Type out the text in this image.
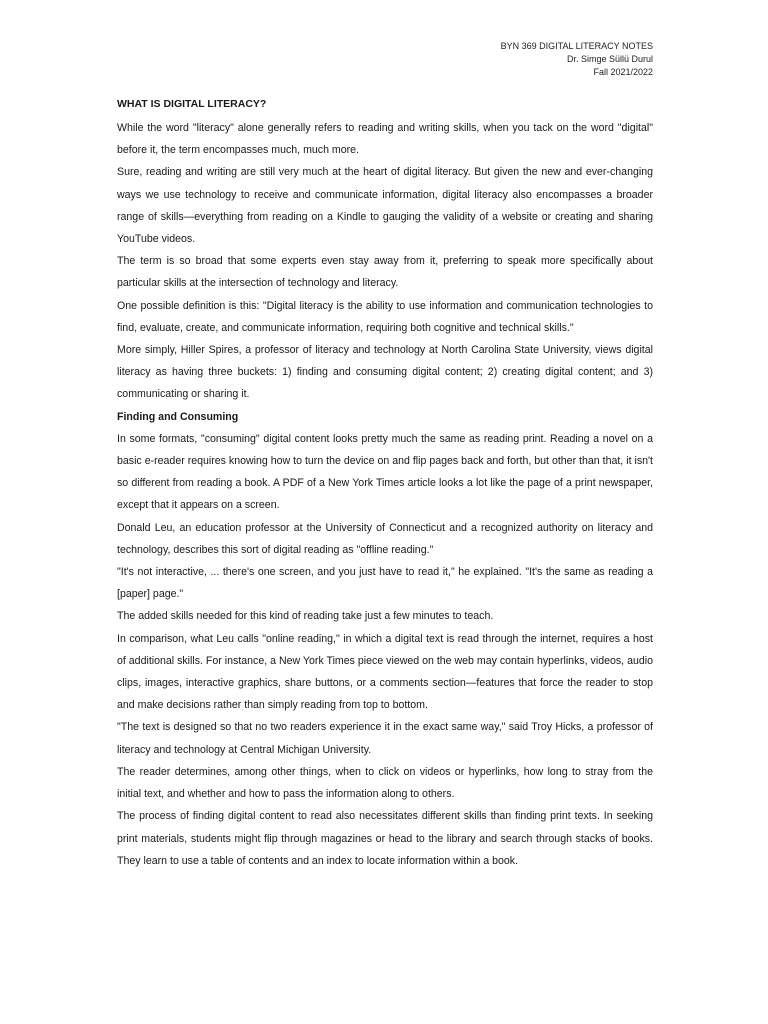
BYN 369 DIGITAL LITERACY NOTES
Dr. Simge Süllü Durul
Fall 2021/2022
WHAT IS DIGITAL LITERACY?

While the word "literacy" alone generally refers to reading and writing skills, when you tack on the word "digital" before it, the term encompasses much, much more.

Sure, reading and writing are still very much at the heart of digital literacy. But given the new and ever-changing ways we use technology to receive and communicate information, digital literacy also encompasses a broader range of skills—everything from reading on a Kindle to gauging the validity of a website or creating and sharing YouTube videos.

The term is so broad that some experts even stay away from it, preferring to speak more specifically about particular skills at the intersection of technology and literacy.

One possible definition is this: "Digital literacy is the ability to use information and communication technologies to find, evaluate, create, and communicate information, requiring both cognitive and technical skills."

More simply, Hiller Spires, a professor of literacy and technology at North Carolina State University, views digital literacy as having three buckets: 1) finding and consuming digital content; 2) creating digital content; and 3) communicating or sharing it.

Finding and Consuming

In some formats, "consuming" digital content looks pretty much the same as reading print. Reading a novel on a basic e-reader requires knowing how to turn the device on and flip pages back and forth, but other than that, it isn't so different from reading a book. A PDF of a New York Times article looks a lot like the page of a print newspaper, except that it appears on a screen.

Donald Leu, an education professor at the University of Connecticut and a recognized authority on literacy and technology, describes this sort of digital reading as "offline reading."

"It's not interactive, ... there's one screen, and you just have to read it," he explained. "It's the same as reading a [paper] page."

The added skills needed for this kind of reading take just a few minutes to teach.

In comparison, what Leu calls "online reading," in which a digital text is read through the internet, requires a host of additional skills. For instance, a New York Times piece viewed on the web may contain hyperlinks, videos, audio clips, images, interactive graphics, share buttons, or a comments section—features that force the reader to stop and make decisions rather than simply reading from top to bottom.

"The text is designed so that no two readers experience it in the exact same way," said Troy Hicks, a professor of literacy and technology at Central Michigan University.

The reader determines, among other things, when to click on videos or hyperlinks, how long to stray from the initial text, and whether and how to pass the information along to others.

The process of finding digital content to read also necessitates different skills than finding print texts. In seeking print materials, students might flip through magazines or head to the library and search through stacks of books. They learn to use a table of contents and an index to locate information within a book.
